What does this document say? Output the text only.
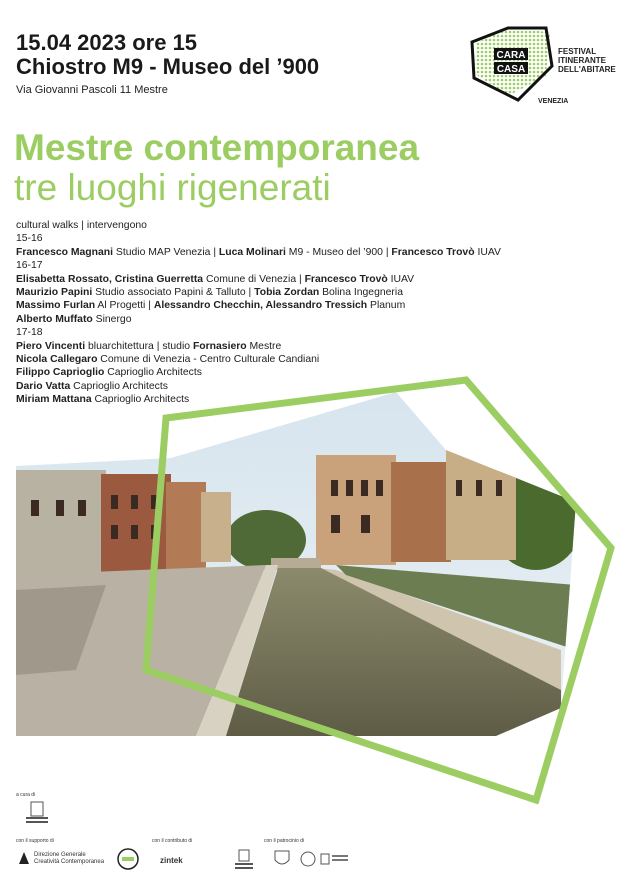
15.04 2023 ore 15
Chiostro M9 - Museo del ’900
Via Giovanni Pascoli 11 Mestre
CARA
CASA
FESTIVAL
ITINERANTE
DELL'ABITARE
VENEZIA
Mestre contemporanea
tre luoghi rigenerati
cultural walks | intervengono
15-16
Francesco Magnani Studio MAP Venezia | Luca Molinari M9 - Museo del ’900 | Francesco Trovò IUAV
16-17
Elisabetta Rossato, Cristina Guerretta Comune di Venezia | Francesco Trovò IUAV
Maurizio Papini Studio associato Papini & Talluto | Tobia Zordan Bolina Ingegneria
Massimo Furlan Al Progetti | Alessandro Checchin, Alessandro Tressich Planum
Alberto Muffato Sinergo
17-18
Piero Vincenti bluarchitettura | studio Fornasiero Mestre
Nicola Callegaro Comune di Venezia - Centro Culturale Candiani
Filippo Caprioglio Caprioglio Architects
Dario Vatta Caprioglio Architects
Miriam Mattana Caprioglio Architects
a cura di
con il supporto di
Direzione Generale
Creatività Contemporanea
con il contributo di
zintek
con il patrocinio di
